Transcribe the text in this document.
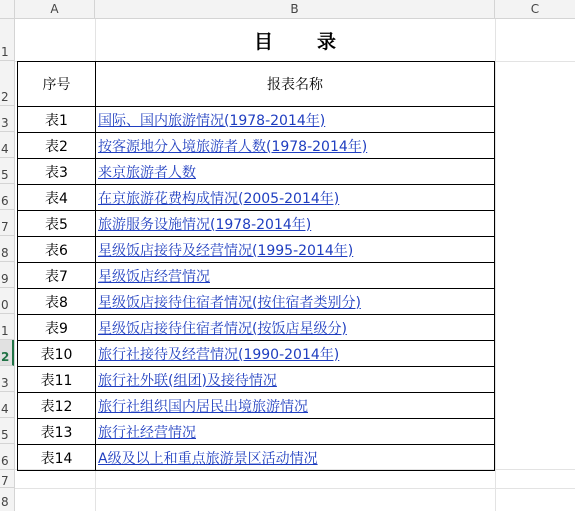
A	B	C
1
2
3
4
5
6
7
8
9
0
1
2
3
4
5
6
7
8
目 录
序号	报表名称
表1	国际、国内旅游情况(1978-2014年)
表2	按客源地分入境旅游者人数(1978-2014年)
表3	来京旅游者人数
表4	在京旅游花费构成情况(2005-2014年)
表5	旅游服务设施情况(1978-2014年)
表6	星级饭店接待及经营情况(1995-2014年)
表7	星级饭店经营情况
表8	星级饭店接待住宿者情况(按住宿者类别分)
表9	星级饭店接待住宿者情况(按饭店星级分)
表10	旅行社接待及经营情况(1990-2014年)
表11	旅行社外联(组团)及接待情况
表12	旅行社组织国内居民出境旅游情况
表13	旅行社经营情况
表14	A级及以上和重点旅游景区活动情况
